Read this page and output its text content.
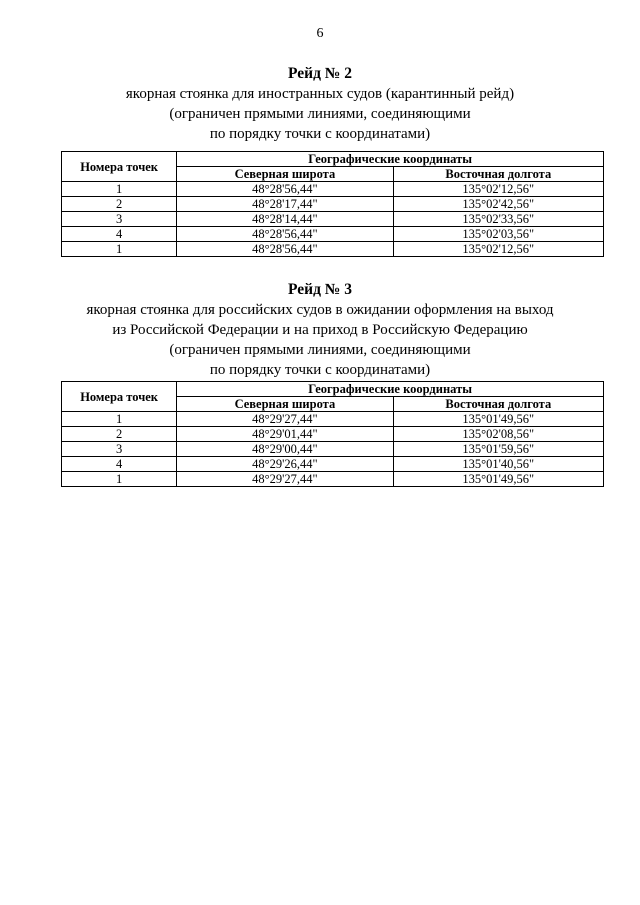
6
Рейд № 2
якорная стоянка для иностранных судов (карантинный рейд)
(ограничен прямыми линиями, соединяющими
по порядку точки с координатами)
Номера точек	Географические координаты	
	Северная широта	Восточная долгота
1	48°28'56,44"	135°02'12,56"
2	48°28'17,44"	135°02'42,56"
3	48°28'14,44"	135°02'33,56"
4	48°28'56,44"	135°02'03,56"
1	48°28'56,44"	135°02'12,56"
Рейд № 3
якорная стоянка для российских судов в ожидании оформления на выход
из Российской Федерации и на приход в Российскую Федерацию
(ограничен прямыми линиями, соединяющими
по порядку точки с координатами)
Номера точек	Географические координаты	
	Северная широта	Восточная долгота
1	48°29'27,44"	135°01'49,56"
2	48°29'01,44"	135°02'08,56"
3	48°29'00,44"	135°01'59,56"
4	48°29'26,44"	135°01'40,56"
1	48°29'27,44"	135°01'49,56"
